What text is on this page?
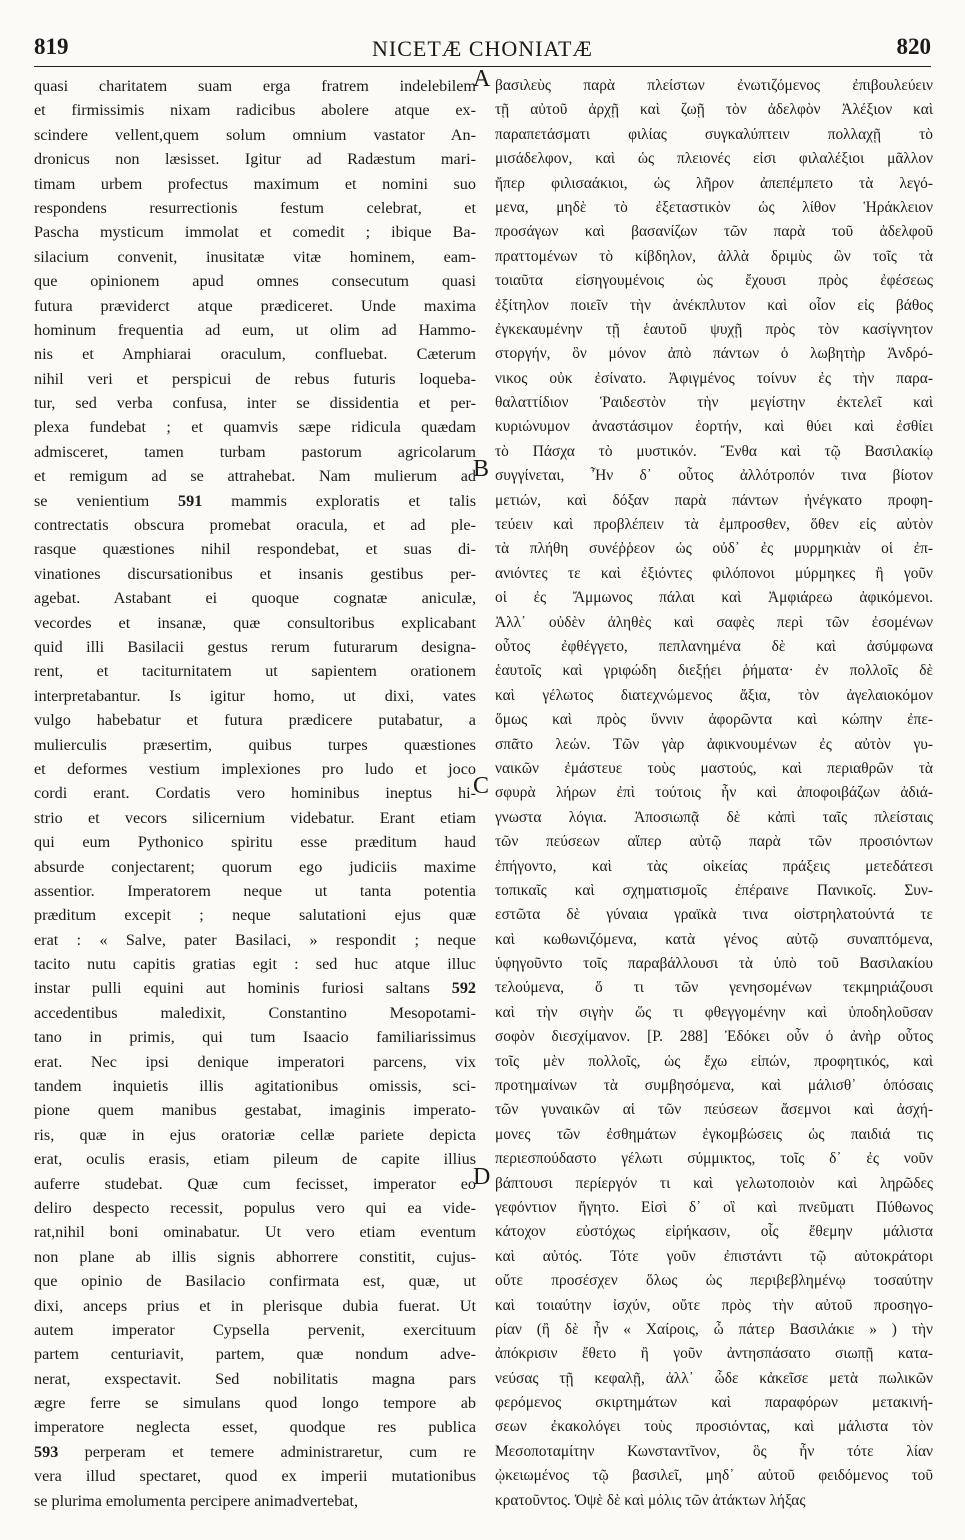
819	NICETÆ CHONIATÆ	820
quasi charitatem suam erga fratrem indelebilem
et firmissimis nixam radicibus abolere atque ex-
scindere vellent,quem solum omnium vastator An-
dronicus non læsisset. Igitur ad Radæstum mari-
timam urbem profectus maximum et nomini suo
respondens resurrectionis festum celebrat, et
Pascha mysticum immolat et comedit ; ibique Ba-
silacium convenit, inusitatæ vitæ hominem, eam-
que opinionem apud omnes consecutum quasi
futura præviderct atque prædiceret. Unde maxima
hominum frequentia ad eum, ut olim ad Hammo-
nis et Amphiarai oraculum, confluebat. Cæterum
nihil veri et perspicui de rebus futuris loqueba-
tur, sed verba confusa, inter se dissidentia et per-
plexa fundebat ; et quamvis sæpe ridicula quædam
admisceret, tamen turbam pastorum agricolarum
et remigum ad se attrahebat. Nam mulierum ad
se venientium 591 mammis exploratis et talis
contrectatis obscura promebat oracula, et ad ple-
rasque quæstiones nihil respondebat, et suas di-
vinationes discursationibus et insanis gestibus per-
agebat. Astabant ei quoque cognatæ aniculæ,
vecordes et insanæ, quæ consultoribus explicabant
quid illi Basilacii gestus rerum futurarum designa-
rent, et taciturnitatem ut sapientem orationem
interpretabantur. Is igitur homo, ut dixi, vates
vulgo habebatur et futura prædicere putabatur, a
mulierculis præsertim, quibus turpes quæstiones
et deformes vestium implexiones pro ludo et joco
cordi erant. Cordatis vero hominibus ineptus hi-
strio et vecors silicernium videbatur. Erant etiam
qui eum Pythonico spiritu esse præditum haud
absurde conjectarent; quorum ego judiciis maxime
assentior. Imperatorem neque ut tanta potentia
præditum excepit ; neque salutationi ejus quæ
erat : « Salve, pater Basilaci, » respondit ; neque
tacito nutu capitis gratias egit : sed huc atque illuc
instar pulli equini aut hominis furiosi saltans 592
accedentibus maledixit, Constantino Mesopotami-
tano in primis, qui tum Isaacio familiarissimus
erat. Nec ipsi denique imperatori parcens, vix
tandem inquietis illis agitationibus omissis, sci-
pione quem manibus gestabat, imaginis imperato-
ris, quæ in ejus oratoriæ cellæ pariete depicta
erat, oculis erasis, etiam pileum de capite illius
auferre studebat. Quæ cum fecisset, imperator eo
deliro despecto recessit, populus vero qui ea vide-
rat,nihil boni ominabatur. Ut vero etiam eventum
non plane ab illis signis abhorrere constitit, cujus-
que opinio de Basilacio confirmata est, quæ, ut
dixi, anceps prius et in plerisque dubia fuerat. Ut
autem imperator Cypsella pervenit, exercituum
partem centuriavit, partem, quæ nondum adve-
nerat, exspectavit. Sed nobilitatis magna pars
ægre ferre se simulans quod longo tempore ab
imperatore neglecta esset, quodque res publica
593 perperam et temere administraretur, cum re
vera illud spectaret, quod ex imperii mutationibus
se plurima emolumenta percipere animadvertebat,
βασιλεὺς παρὰ πλείστων ἐνωτιζόμενος ἐπιβουλεύειν
τῇ αὐτοῦ ἀρχῇ καὶ ζωῇ τὸν ἀδελφὸν Ἀλέξιον καὶ
παραπετάσματι φιλίας συγκαλύπτειν πολλαχῇ τὸ
μισάδελφον, καὶ ὡς πλειονές εἰσι φιλαλέξιοι μᾶλλον
ἤπερ φιλισαάκιοι, ὡς λῆρον ἀπεπέμπετο τὰ λεγό-
μενα, μηδὲ τὸ ἐξεταστικὸν ὡς λίθον Ἡράκλειον
προσάγων καὶ βασανίζων τῶν παρὰ τοῦ ἀδελφοῦ
πραττομένων τὸ κίβδηλον, ἀλλὰ δριμὺς ὢν τοῖς τὰ
τοιαῦτα εἰσηγουμένοις ὡς ἔχουσι πρὸς ἐφέσεως
ἐξίτηλον ποιεῖν τὴν ἀνέκπλυτον καὶ οἷον εἰς βάθος
ἐγκεκαυμένην τῇ ἑαυτοῦ ψυχῇ πρὸς τὸν κασίγνητον
στοργήν, ὃν μόνον ἀπὸ πάντων ὁ λωβητὴρ Ἀνδρό-
νικος οὐκ ἐσίνατο. Ἀφιγμένος τοίνυν ἐς τὴν παρα-
θαλαττίδιον Ῥαιδεστὸν τὴν μεγίστην ἐκτελεῖ καὶ
κυριώνυμον ἀναστάσιμον ἑορτήν, καὶ θύει καὶ ἐσθίει
τὸ Πάσχα τὸ μυστικόν. Ἔνθα καὶ τῷ Βασιλακίῳ
συγγίνεται, Ἦν δ᾽ οὗτος ἀλλότροπόν τινα βίοτον
μετιών, καὶ δόξαν παρὰ πάντων ἠνέγκατο προφη-
τεύειν καὶ προβλέπειν τὰ ἐμπροσθεν, ὅθεν εἰς αὐτὸν
τὰ πλήθη συνέῤῥεον ὡς οὐδ᾽ ἐς μυρμηκιὰν οἱ ἐπ-
ανιόντες τε καὶ ἐξιόντες φιλόπονοι μύρμηκες ἢ γοῦν
οἱ ἐς Ἄμμωνος πάλαι καὶ Ἀμφιάρεω ἀφικόμενοι.
Ἀλλ᾽ οὐδὲν ἀληθὲς καὶ σαφὲς περὶ τῶν ἐσομένων
οὗτος ἐφθέγγετο, πεπλανημένα δὲ καὶ ἀσύμφωνα
ἑαυτοῖς καὶ γριφώδη διεξῄει ῥήματα· ἐν πολλοῖς δὲ
καὶ γέλωτος διατεχνώμενος ἄξια, τὸν ἀγελαιοκόμον
ὅμως καὶ πρὸς ὕννιν ἀφορῶντα καὶ κώπην ἐπε-
σπᾶτο λεών. Τῶν γὰρ ἀφικνουμένων ἐς αὐτὸν γυ-
ναικῶν ἐμάστευε τοὺς μαστούς, καὶ περιαθρῶν τὰ
σφυρὰ λήρων ἐπὶ τούτοις ἦν καὶ ἀποφοιβάζων ἀδιά-
γνωστα λόγια. Ἀποσιωπᾷ δὲ κἀπὶ ταῖς πλείσταις
τῶν πεύσεων αἵπερ αὐτῷ παρὰ τῶν προσιόντων
ἐπήγοντο, καὶ τὰς οἰκείας πράξεις μετεδάτεσι
τοπικαῖς καὶ σχηματισμοῖς ἐπέραινε Πανικοῖς. Συν-
εστῶτα δὲ γύναια γραϊκὰ τινα οἰστρηλατούντά τε
καὶ κωθωνιζόμενα, κατὰ γένος αὐτῷ συναπτόμενα,
ὑφηγοῦντο τοῖς παραβάλλουσι τὰ ὑπὸ τοῦ Βασιλακίου
τελούμενα, ὅ τι τῶν γενησομένων τεκμηριάζουσι
καὶ τὴν σιγὴν ὥς τι φθεγγομένην καὶ ὑποδηλοῦσαν
σοφὸν διεσχίμανον. [P. 288] Ἐδόκει οὖν ὁ ἀνὴρ οὗτος
τοῖς μὲν πολλοῖς, ὡς ἔχω εἰπών, προφητικός, καὶ
προτημαίνων τὰ συμβησόμενα, καὶ μάλισθ᾽ ὁπόσαις
τῶν γυναικῶν αἱ τῶν πεύσεων ἄσεμνοι καὶ ἀσχή-
μονες τῶν ἐσθημάτων ἐγκομβώσεις ὡς παιδιά τις
περιεσπούδαστο γέλωτι σύμμικτος, τοῖς δ᾽ ἐς νοῦν
βάπτουσι περίεργόν τι καὶ γελωτοποιὸν καὶ ληρῶδες
γεφόντιον ἤγητο. Εἰσὶ δ᾽ οἳ καὶ πνεῦματι Πύθωνος
κάτοχον εὐστόχως εἰρήκασιν, οἷς ἔθεμην μάλιστα
καὶ αὐτός. Τότε γοῦν ἐπιστάντι τῷ αὐτοκράτορι
οὔτε προσέσχεν ὅλως ὡς περιβεβλημένῳ τοσαύτην
καὶ τοιαύτην ἰσχύν, οὔτε πρὸς τὴν αὐτοῦ προσηγο-
ρίαν (ἢ δὲ ἦν « Χαίροις, ὦ πάτερ Βασιλάκιε » ) τὴν
ἀπόκρισιν ἔθετο ἢ γοῦν ἀντησπάσατο σιωπῇ κατα-
νεύσας τῇ κεφαλῇ, ἀλλ᾽ ὧδε κἀκεῖσε μετὰ πωλικῶν
φερόμενος σκιρτημάτων καὶ παραφόρων μετακινή-
σεων ἐκακολόγει τοὺς προσιόντας, καὶ μάλιστα τὸν
Μεσοποταμίτην Κωνσταντῖνον, ὃς ἦν τότε λίαν
ᾠκειωμένος τῷ βασιλεῖ, μηδ᾽ αὐτοῦ φειδόμενος τοῦ
κρατοῦντος. Ὀψὲ δὲ καὶ μόλις τῶν ἀτάκτων λήξας
A
B
C
D
